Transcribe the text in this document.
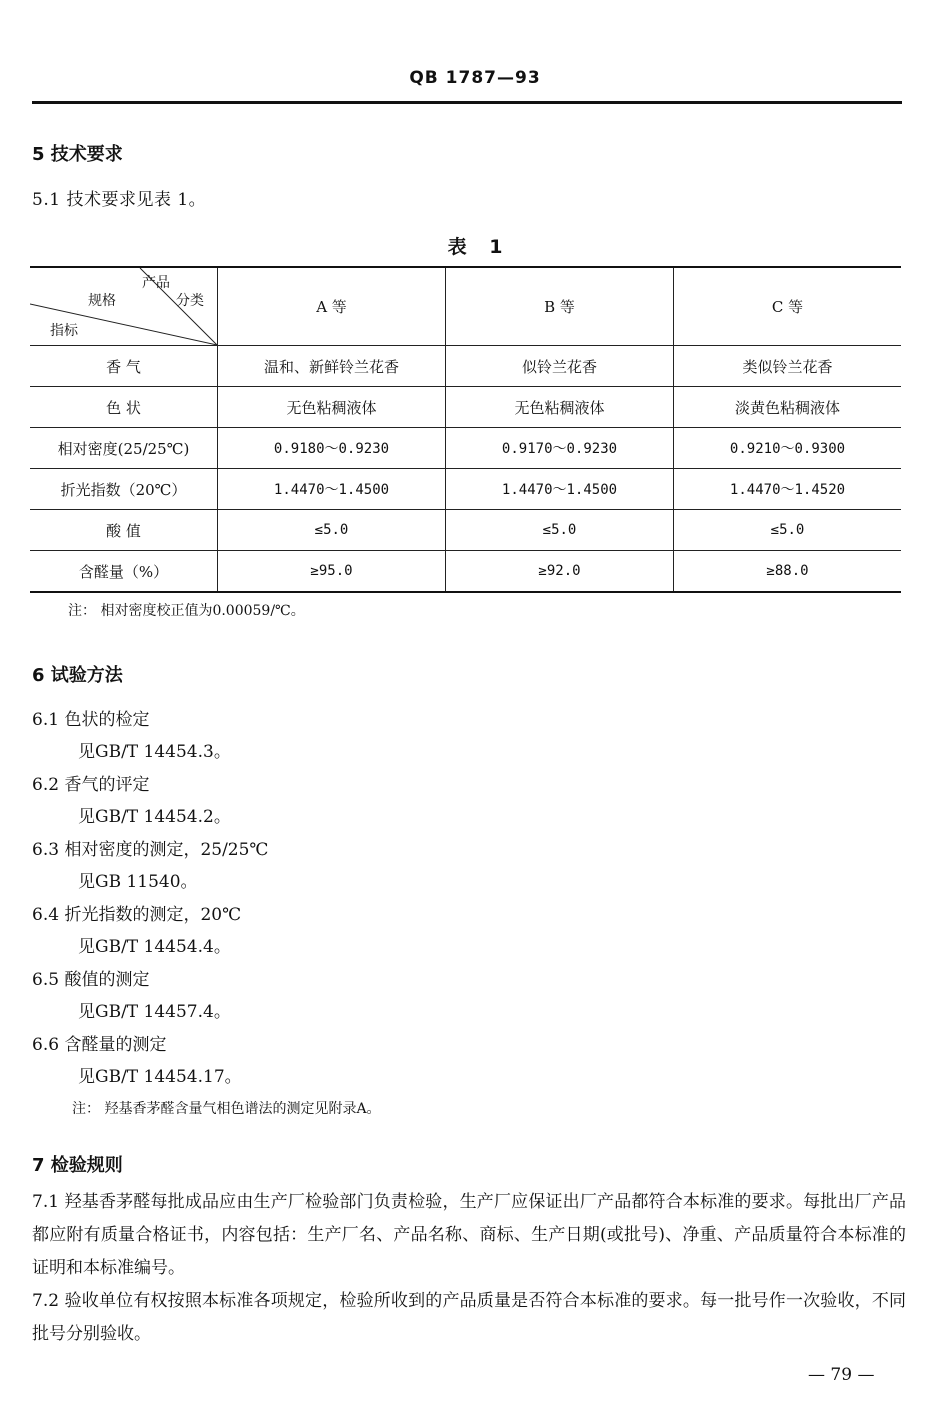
QB 1787—93
5 技术要求
5.1 技术要求见表 1。
表 1
产品
分类
规格
指标	A 等	B 等	C 等
香 气	温和、新鲜铃兰花香	似铃兰花香	类似铃兰花香
色 状	无色粘稠液体	无色粘稠液体	淡黄色粘稠液体
相对密度(25/25℃)	0.9180～0.9230	0.9170～0.9230	0.9210～0.9300
折光指数（20℃）	1.4470～1.4500	1.4470～1.4500	1.4470～1.4520
酸 值	≤5.0	≤5.0	≤5.0
含醛量（%）	≥95.0	≥92.0	≥88.0
注： 相对密度校正值为0.00059/℃。
6 试验方法
6.1 色状的检定
见GB/T 14454.3。
6.2 香气的评定
见GB/T 14454.2。
6.3 相对密度的测定，25/25℃
见GB 11540。
6.4 折光指数的测定，20℃
见GB/T 14454.4。
6.5 酸值的测定
见GB/T 14457.4。
6.6 含醛量的测定
见GB/T 14454.17。
注： 羟基香茅醛含量气相色谱法的测定见附录A。
7 检验规则
7.1 羟基香茅醛每批成品应由生产厂检验部门负责检验，生产厂应保证出厂产品都符合本标准的要求。每批出厂产品都应附有质量合格证书，内容包括：生产厂名、产品名称、商标、生产日期(或批号)、净重、产品质量符合本标准的证明和本标准编号。
7.2 验收单位有权按照本标准各项规定，检验所收到的产品质量是否符合本标准的要求。每一批号作一次验收，不同批号分别验收。
— 79 —
